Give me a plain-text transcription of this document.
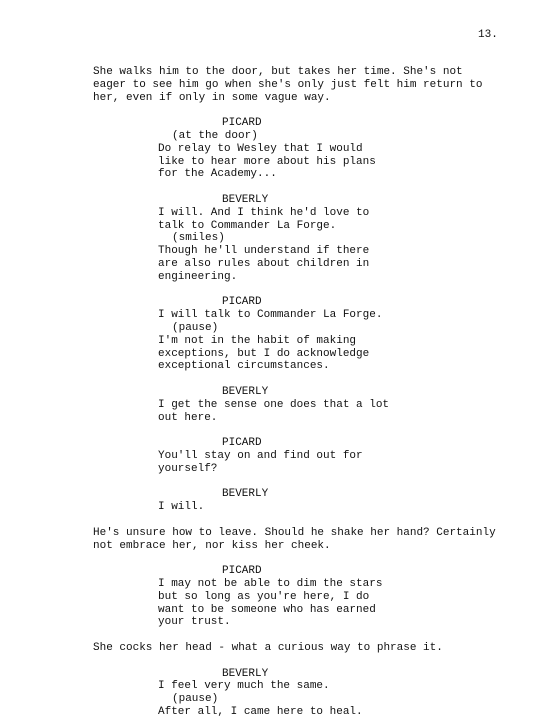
13.
She walks him to the door, but takes her time. She's not
eager to see him go when she's only just felt him return to
her, even if only in some vague way.
PICARD
(at the door)
Do relay to Wesley that I would
like to hear more about his plans
for the Academy...
BEVERLY
I will. And I think he'd love to
talk to Commander La Forge.
(smiles)
Though he'll understand if there
are also rules about children in
engineering.
PICARD
I will talk to Commander La Forge.
(pause)
I'm not in the habit of making
exceptions, but I do acknowledge
exceptional circumstances.
BEVERLY
I get the sense one does that a lot
out here.
PICARD
You'll stay on and find out for
yourself?
BEVERLY
I will.
He's unsure how to leave. Should he shake her hand? Certainly
not embrace her, nor kiss her cheek.
PICARD
I may not be able to dim the stars
but so long as you're here, I do
want to be someone who has earned
your trust.
She cocks her head - what a curious way to phrase it.
BEVERLY
I feel very much the same.
(pause)
After all, I came here to heal.
